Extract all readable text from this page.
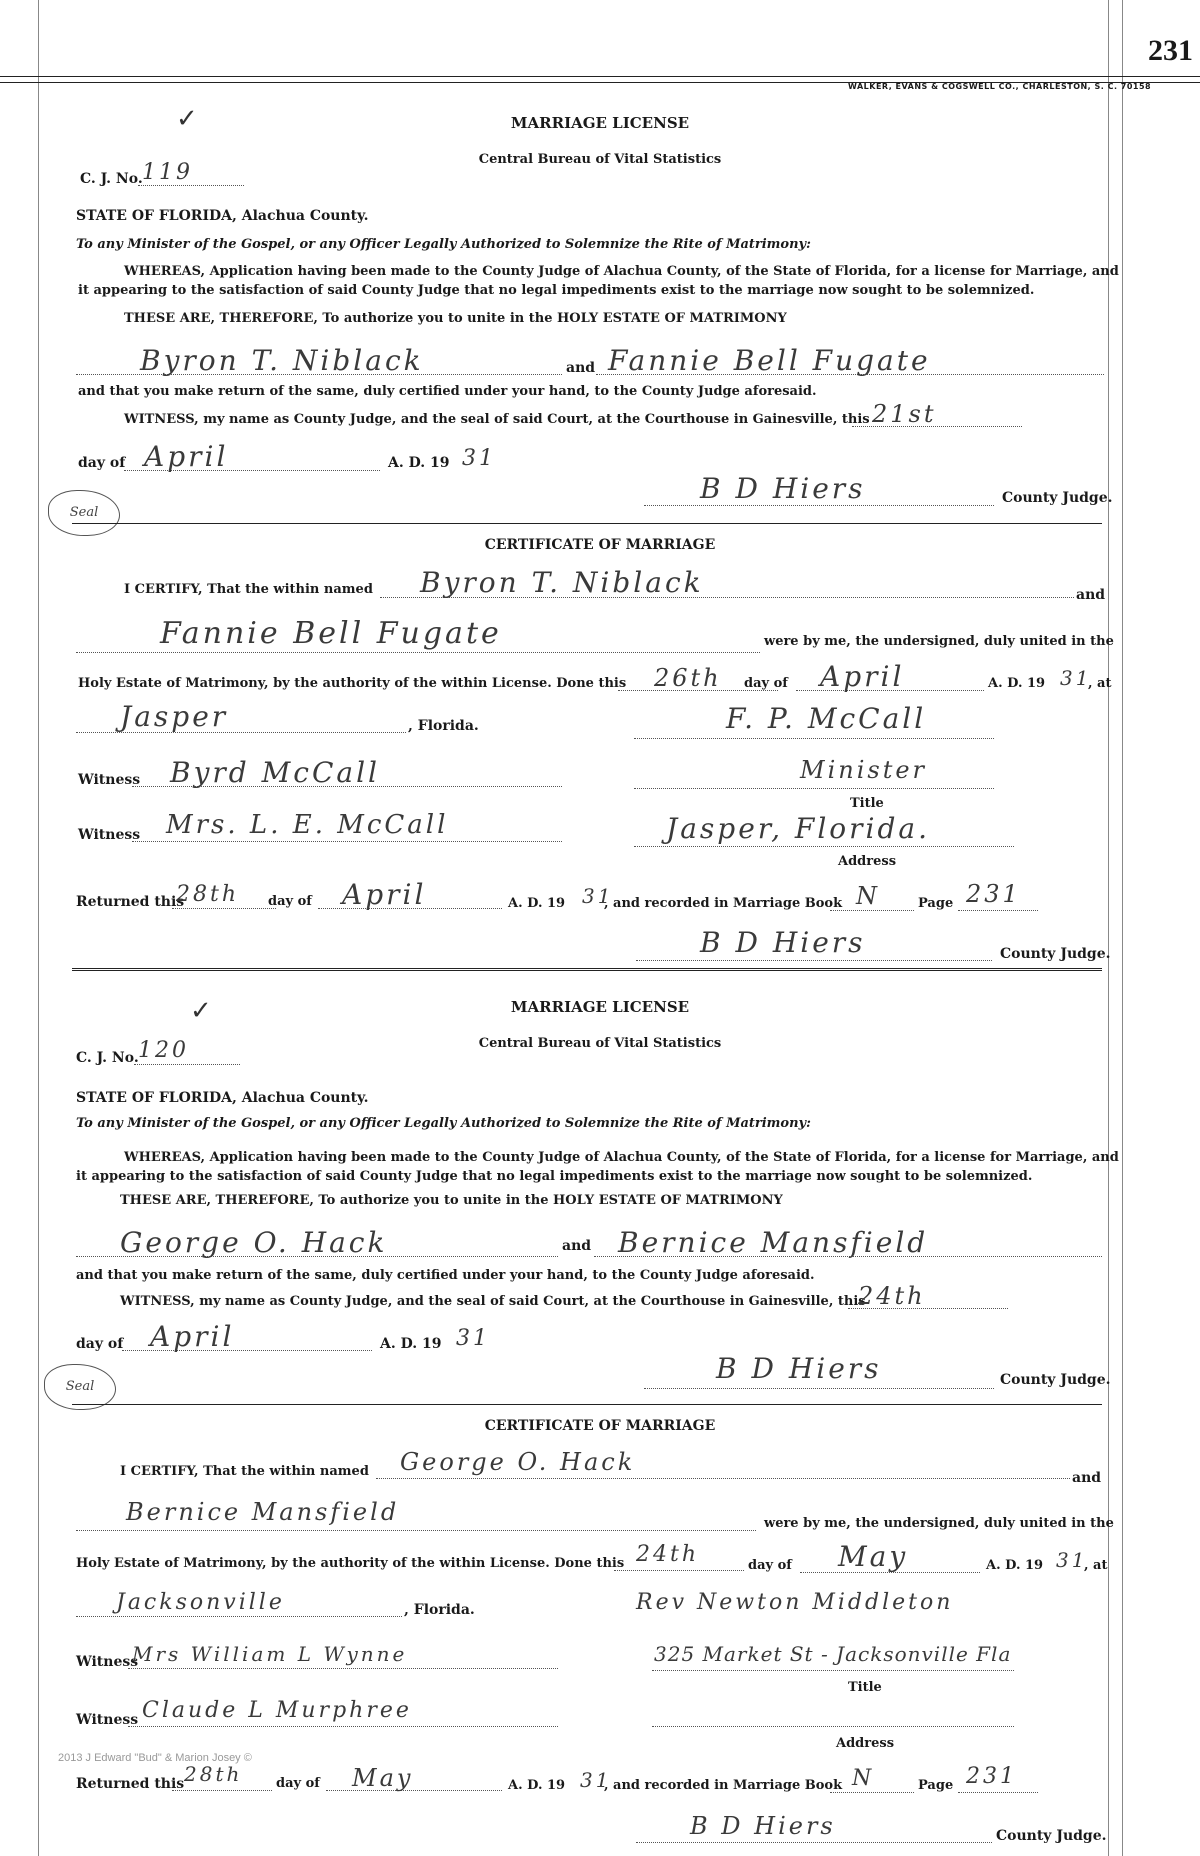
231
WALKER, EVANS & COGSWELL CO., CHARLESTON, S. C. 70158
✓	MARRIAGE LICENSE
Central Bureau of Vital Statistics
C. J. No. 119
STATE OF FLORIDA, Alachua County.
To any Minister of the Gospel, or any Officer Legally Authorized to Solemnize the Rite of Matrimony:
WHEREAS, Application having been made to the County Judge of Alachua County, of the State of Florida, for a license for Marriage, and
it appearing to the satisfaction of said County Judge that no legal impediments exist to the marriage now sought to be solemnized.
THESE ARE, THEREFORE, To authorize you to unite in the HOLY ESTATE OF MATRIMONY
Byron T. Niblack	and Fannie Bell Fugate
and that you make return of the same, duly certified under your hand, to the County Judge aforesaid.
WITNESS, my name as County Judge, and the seal of said Court, at the Courthouse in Gainesville, this 21st
day of April	A. D. 19 31
Seal
B D Hiers	County Judge.
CERTIFICATE OF MARRIAGE
I CERTIFY, That the within named Byron T. Niblack	and
Fannie Bell Fugate	were by me, the undersigned, duly united in the
Holy Estate of Matrimony, by the authority of the within License. Done this 26th day of April	A. D. 19 31
, at
Jasper	, Florida.	F. P. McCall
Witness Byrd McCall	Minister
Title
Witness Mrs. L. E. McCall	Jasper, Florida.
Address
Returned this
28th day of April	A. D. 19 31
, and recorded in Marriage Book N	Page 231
B D Hiers	County Judge.
✓	MARRIAGE LICENSE
Central Bureau of Vital Statistics
C. J. No. 120
STATE OF FLORIDA, Alachua County.
To any Minister of the Gospel, or any Officer Legally Authorized to Solemnize the Rite of Matrimony:
WHEREAS, Application having been made to the County Judge of Alachua County, of the State of Florida, for a license for Marriage, and
it appearing to the satisfaction of said County Judge that no legal impediments exist to the marriage now sought to be solemnized.
THESE ARE, THEREFORE, To authorize you to unite in the HOLY ESTATE OF MATRIMONY
George O. Hack	and Bernice Mansfield
and that you make return of the same, duly certified under your hand, to the County Judge aforesaid.
WITNESS, my name as County Judge, and the seal of said Court, at the Courthouse in Gainesville, this
24th
day of April	A. D. 19 31
Seal
B D Hiers	County Judge.
CERTIFICATE OF MARRIAGE
I CERTIFY, That the within named George O. Hack
and
Bernice Mansfield	were by me, the undersigned, duly united in the
Holy Estate of Matrimony, by the authority of the within License. Done this 24th	day of May	A. D. 19 31
, at
Jacksonville	, Florida.	Rev Newton Middleton
Witness
Mrs William L Wynne	325 Market St - Jacksonville Fla
Title
Witness Claude L Murphree
2013 J Edward "Bud" & Marion Josey ©
Address
Returned this 28th	day of May	A. D. 19 31
, and recorded in Marriage Book N	Page 231
B D Hiers	County Judge.
